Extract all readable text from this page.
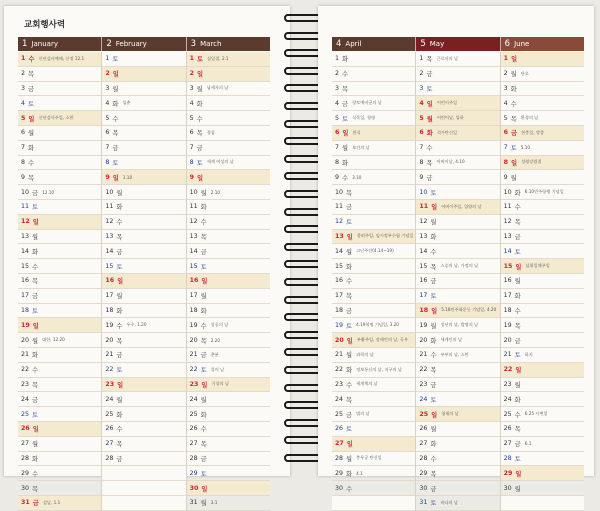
교회행사력
1 January	2 February	3 March
1 수 신년감사예배, 신정 12.1
2 목
3 금
4 토
5 일 신년감사주일, 소한
6 월
7 화
8 수
9 목
10 금 12.10
11 토
12 일
13 월
14 화
15 수
16 목
17 금
18 토
19 일
20 월 대한, 12.20
21 화
22 수
23 목
24 금
25 토
26 일
27 월
28 화
29 수
30 목
31 금 설날, 1.1
1 토
2 일
3 월
4 화 입춘
5 수
6 목
7 금
8 토
9 일 1.10
10 월
11 화
12 수
13 목
14 금
15 토
16 일
17 월
18 화
19 수 우수, 1.20
20 목
21 금
22 토
23 일
24 월
25 화
26 수
27 목
28 금
1 토 삼일절, 2.1
2 일
3 월 납세자의 날
4 화
5 수
6 목 경칩
7 금
8 토 세계 여성의 날
9 일
10 월 2.10
11 화
12 수
13 목
14 금
15 토
16 일
17 월
18 화
19 수 상공의 날
20 목 2.20
21 금 춘분
22 토 물의 날
23 일 기상의 날
24 월
25 화
26 수
27 목
28 금
29 토
30 일
31 월 3.1
4 April	5 May	6 June
1 화
2 수
3 목
4 금 향토예비군의 날
5 토 식목일, 청명
6 일 한식
7 월 보건의 날
8 화
9 수 3.10
10 목
11 금
12 토
13 일 종려주일, 임시정부수립 기념일
14 월 고난주간(4.14~19)
15 화
16 수
17 목
18 금
19 토 4.19혁명 기념일, 3.20
20 일 부활주일, 장애인의 날, 곡우
21 월 과학의 날
22 화 정보통신의 날, 지구의 날
23 수 세계책의 날
24 목
25 금 법의 날
26 토
27 일
28 월 충무공 탄신일
29 화 4.1
30 수
1 목 근로자의 날
2 금
3 토
4 일 어린이주일
5 월 어린이날, 입하
6 화 석가탄신일
7 수
8 목 어버이날, 4.10
9 금
10 토
11 일 어버이주일, 입양의 날
12 월
13 화
14 수
15 목 스승의 날, 가정의 날
16 금
17 토
18 일 5.18민주화운동 기념일, 4.20
19 월 성년의 날, 발명의 날
20 화 세계인의 날
21 수 부부의 날, 소만
22 목
23 금
24 토
25 일 청재의 날
26 월
27 화
28 수
29 목
30 금
31 토 바다의 날
1 일
2 월 단오
3 화
4 수
5 목 환경의 날
6 금 현충일, 망종
7 토 5.10
8 일 성령강림절
9 월
10 화 6.10민주항쟁 기념일
11 수
12 목
13 금
14 토
15 일 삼위일체주일
16 월
17 화
18 수
19 목
20 금
21 토 하지
22 일
23 월
24 화
25 수 6.25 사변일
26 목
27 금 6.1
28 토
29 일
30 월
